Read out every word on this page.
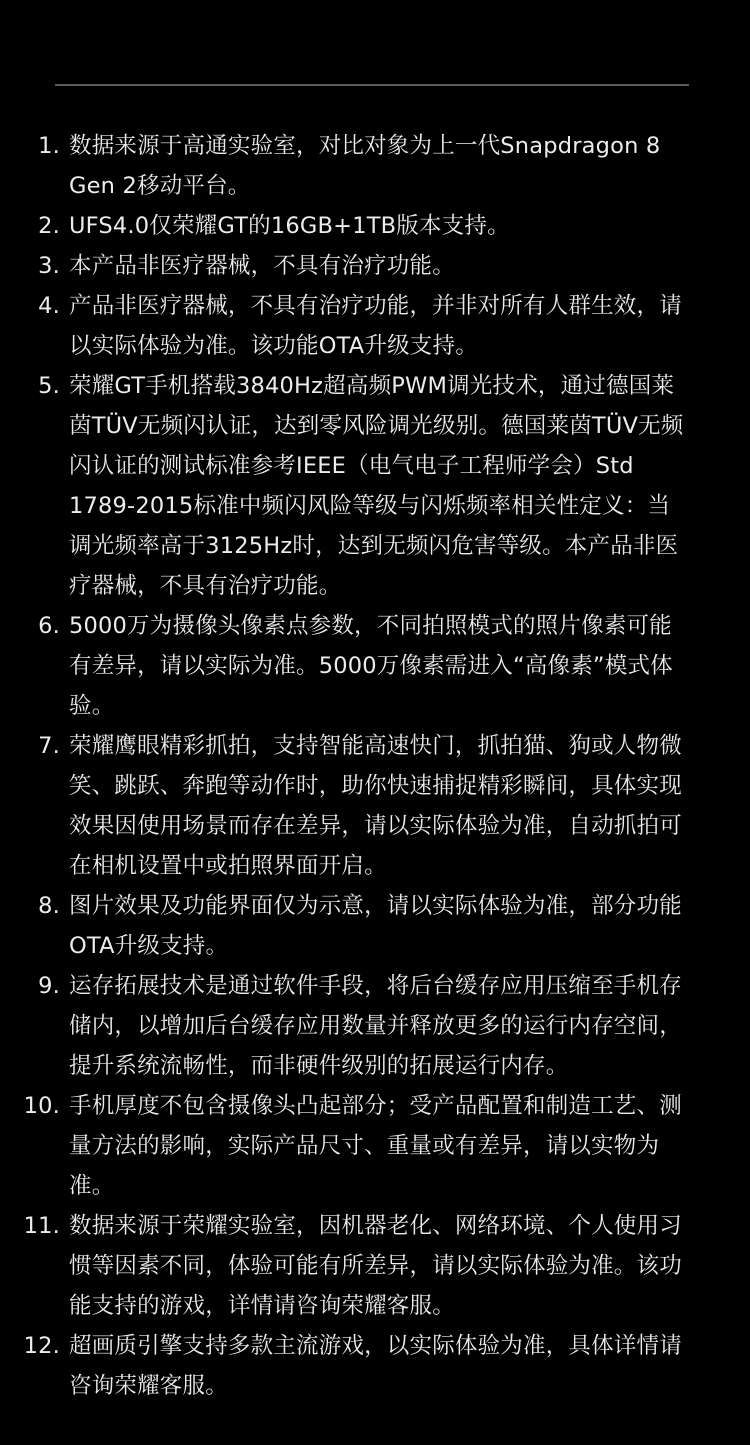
1. 数据来源于高通实验室，对比对象为上一代Snapdragon 8 Gen 2移动平台。
2. UFS4.0仅荣耀GT的16GB+1TB版本支持。
3. 本产品非医疗器械，不具有治疗功能。
4. 产品非医疗器械，不具有治疗功能，并非对所有人群生效，请以实际体验为准。该功能OTA升级支持。
5. 荣耀GT手机搭载3840Hz超高频PWM调光技术，通过德国莱茵TÜV无频闪认证，达到零风险调光级别。德国莱茵TÜV无频闪认证的测试标准参考IEEE（电气电子工程师学会）Std 1789-2015标准中频闪风险等级与闪烁频率相关性定义：当调光频率高于3125Hz时，达到无频闪危害等级。本产品非医疗器械，不具有治疗功能。
6. 5000万为摄像头像素点参数，不同拍照模式的照片像素可能有差异，请以实际为准。5000万像素需进入“高像素”模式体验。
7. 荣耀鹰眼精彩抓拍，支持智能高速快门，抓拍猫、狗或人物微笑、跳跃、奔跑等动作时，助你快速捕捉精彩瞬间，具体实现效果因使用场景而存在差异，请以实际体验为准，自动抓拍可在相机设置中或拍照界面开启。
8. 图片效果及功能界面仅为示意，请以实际体验为准，部分功能OTA升级支持。
9. 运存拓展技术是通过软件手段，将后台缓存应用压缩至手机存储内，以增加后台缓存应用数量并释放更多的运行内存空间，提升系统流畅性，而非硬件级别的拓展运行内存。
10. 手机厚度不包含摄像头凸起部分；受产品配置和制造工艺、测量方法的影响，实际产品尺寸、重量或有差异，请以实物为准。
11. 数据来源于荣耀实验室，因机器老化、网络环境、个人使用习惯等因素不同，体验可能有所差异，请以实际体验为准。该功能支持的游戏，详情请咨询荣耀客服。
12. 超画质引擎支持多款主流游戏，以实际体验为准，具体详情请咨询荣耀客服。
